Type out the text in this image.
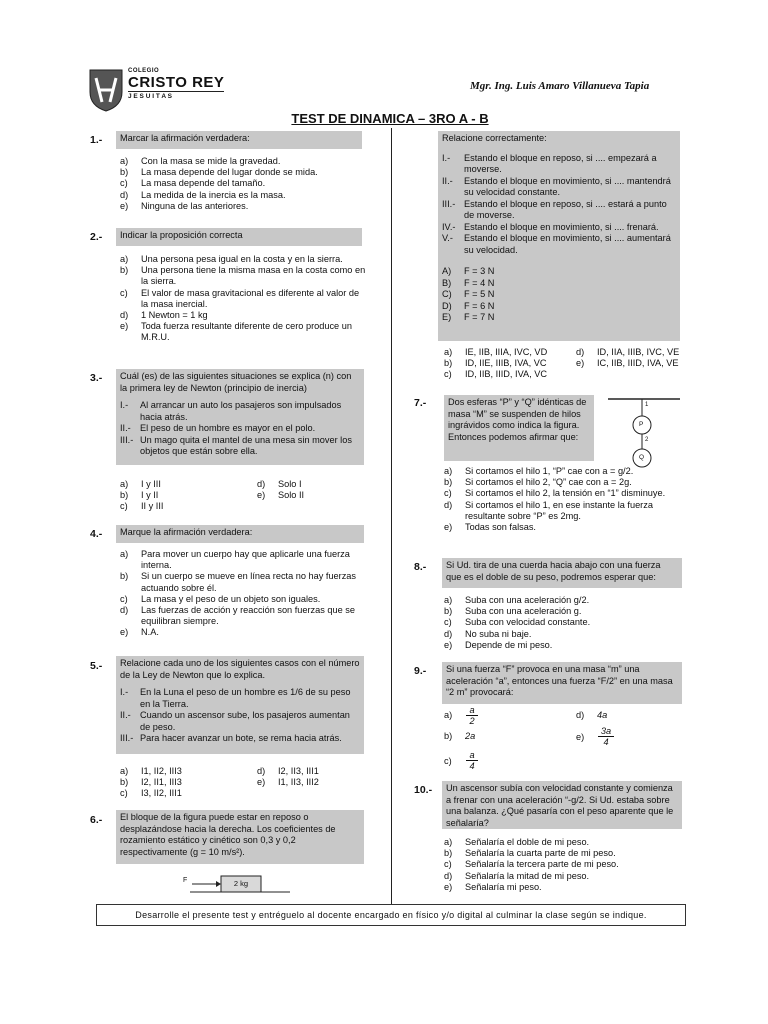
COLEGIO
CRISTO REY
J E S U I T A S
Mgr. Ing. Luis Amaro Villanueva Tapia
TEST DE DINAMICA – 3RO A - B
1.-	Marcar la afirmación verdadera:
a)	Con la masa se mide la gravedad.
b)	La masa depende del lugar donde se mida.
c)	La masa depende del tamaño.
d)	La medida de la inercia es la masa.
e)	Ninguna de las anteriores.
2.-	Indicar la proposición correcta
a)	Una persona pesa igual en la costa y en la sierra.
b)	Una persona tiene la misma masa en la costa como en la sierra.
c)	El valor de masa gravitacional es diferente al valor de la masa inercial.
d)	1 Newton = 1 kg
e)	Toda fuerza resultante diferente de cero produce un M.R.U.
3.- Cuál (es) de las siguientes situaciones se explica (n) con la primera ley de Newton (principio de inercia)
I.-	Al arrancar un auto los pasajeros son impulsados hacia atrás.
II.-	El peso de un hombre es mayor en el polo.
III.- Un mago quita el mantel de una mesa sin mover los objetos que están sobre ella.
a)	I y III
b)	I y II
c)	II y III
d)	Solo I
e)	Solo II
4.-	Marque la afirmación verdadera:
a)	Para mover un cuerpo hay que aplicarle una fuerza interna.
b)	Si un cuerpo se mueve en línea recta no hay fuerzas actuando sobre él.
c)	La masa y el peso de un objeto son iguales.
d)	Las fuerzas de acción y reacción son fuerzas que se equilibran siempre.
e)	N.A.
5.- Relacione cada uno de los siguientes casos con el número de la Ley de Newton que lo explica.
I.-	En la Luna el peso de un hombre es 1/6 de su peso en la Tierra.
II.-	Cuando un ascensor sube, los pasajeros aumentan de peso.
III.- Para hacer avanzar un bote, se rema hacia atrás.
a)	I1, II2, III3
b)	I2, II1, III3
c)	I3, II2, III1
d)	I2, II3, III1
e)	I1, II3, III2
6.-	El bloque de la figura puede estar en reposo o desplazándose hacia la derecha. Los coeficientes de rozamiento estático y cinético son 0,3 y 0,2 respectivamente (g = 10 m/s²).
F	2 kg
Relacione correctamente:
I.-	Estando el bloque en reposo, si .... empezará a moverse.
II.-	Estando el bloque en movimiento, si .... mantendrá su velocidad constante.
III.- Estando el bloque en reposo, si .... estará a punto de moverse.
IV.- Estando el bloque en movimiento, si .... frenará.
V.-	Estando el bloque en movimiento, si .... aumentará su velocidad.
A)	F = 3 N
B)	F = 4 N
C)	F = 5 N
D)	F = 6 N
E)	F = 7 N
a)	IE, IIB, IIIA, IVC, VD
b)	ID, IIE, IIIB, IVA, VC
c)	ID, IIB, IIID, IVA, VC
d)	ID, IIA, IIIB, IVC, VE
e)	IC, IIB, IIID, IVA, VE
7.-	Dos esferas “P” y “Q” idénticas de masa “M” se suspenden de hilos ingrávidos como indica la figura. Entonces podemos afirmar que:
1
P
2
Q
a)	Si cortamos el hilo 1, “P” cae con a = g/2.
b)	Si cortamos el hilo 2, “Q” cae con a = 2g.
c)	Si cortamos el hilo 2, la tensión en “1” disminuye.
d)	Si cortamos el hilo 1, en ese instante la fuerza resultante sobre “P” es 2mg.
e)	Todas son falsas.
8.-	Si Ud. tira de una cuerda hacia abajo con una fuerza que es el doble de su peso, podremos esperar que:
a)	Suba con una aceleración g/2.
b)	Suba con una aceleración g.
c)	Suba con velocidad constante.
d)	No suba ni baje.
e)	Depende de mi peso.
9.-	Si una fuerza “F” provoca en una masa “m” una aceleración “a”, entonces una fuerza “F/2” en una masa “2 m” provocará:
a)	$\frac{a}{2}$
b) 2a
c)	$\frac{a}{4}$
d) 4a
e)	$\frac{3a}{4}$
10.-	Un ascensor subía con velocidad constante y comienza a frenar con una aceleración “-g/2. Si Ud. estaba sobre una balanza. ¿Qué pasaría con el peso aparente que le señalaría?
a)	Señalaría el doble de mi peso.
b)	Señalaría la cuarta parte de mi peso.
c)	Señalaría la tercera parte de mi peso.
d)	Señalaría la mitad de mi peso.
e)	Señalaría mi peso.
Desarrolle el presente test y entréguelo al docente encargado en físico y/o digital al culminar la clase según se indique.
